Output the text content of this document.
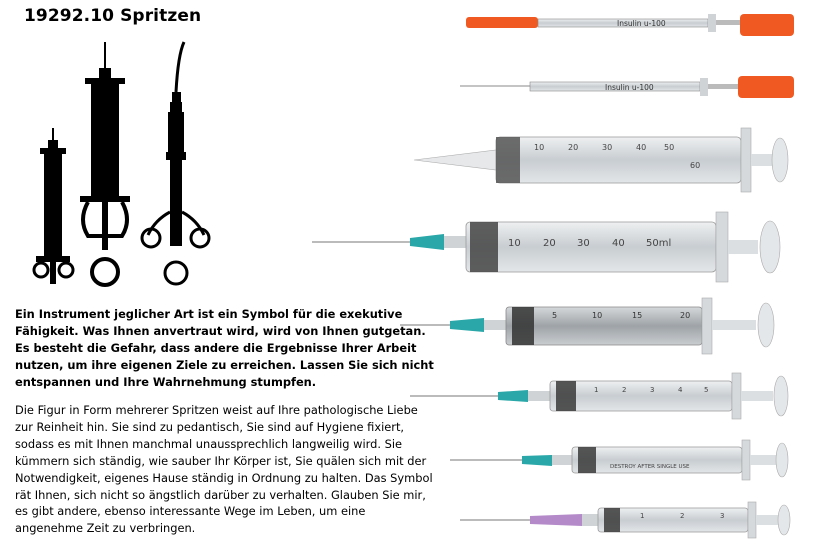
19292.10 Spritzen	Insulin u-100
Insulin u-100
10	20	30	40 50
60
10 20 30 40 50ml
5	10	15	20
1	2	3	4	5
DESTROY AFTER SINGLE USE
1	2	3

Ein Instrument jeglicher Art ist ein Symbol für die exekutive Fähigkeit. Was Ihnen anvertraut wird, wird von Ihnen gutgetan. Es besteht die Gefahr, dass andere die Ergebnisse Ihrer Arbeit nutzen, um ihre eigenen Ziele zu erreichen. Lassen Sie sich nicht entspannen und Ihre Wahrnehmung stumpfen.

Die Figur in Form mehrerer Spritzen weist auf Ihre pathologische Liebe zur Reinheit hin. Sie sind zu pedantisch, Sie sind auf Hygiene fixiert, sodass es mit Ihnen manchmal unaussprechlich langweilig wird. Sie kümmern sich ständig, wie sauber Ihr Körper ist, Sie quälen sich mit der Notwendigkeit, eigenes Hause ständig in Ordnung zu halten. Das Symbol rät Ihnen, sich nicht so ängstlich darüber zu verhalten. Glauben Sie mir, es gibt andere, ebenso interessante Wege im Leben, um eine angenehme Zeit zu verbringen.
